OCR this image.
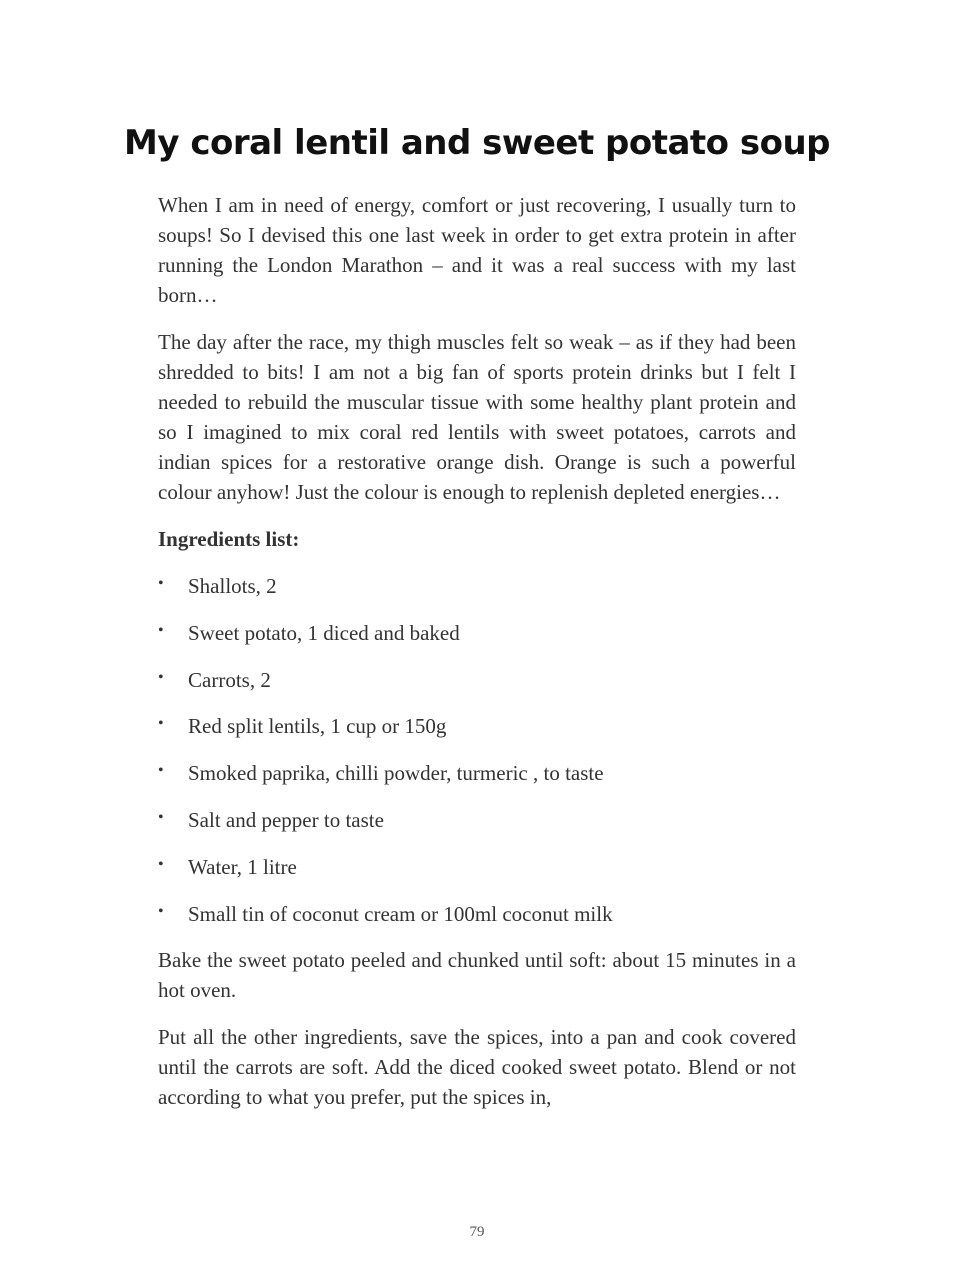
My coral lentil and sweet potato soup

When I am in need of energy, comfort or just recovering, I usually turn to soups! So I devised this one last week in order to get extra protein in after running the London Marathon – and it was a real success with my last born…

The day after the race, my thigh muscles felt so weak – as if they had been shredded to bits! I am not a big fan of sports protein drinks but I felt I needed to rebuild the muscular tissue with some healthy plant protein and so I imagined to mix coral red lentils with sweet potatoes, carrots and indian spices for a restorative orange dish. Orange is such a powerful colour anyhow! Just the colour is enough to replenish depleted energies…

Ingredients list:

• Shallots, 2
• Sweet potato, 1 diced and baked
• Carrots, 2
• Red split lentils, 1 cup or 150g
• Smoked paprika, chilli powder, turmeric , to taste
• Salt and pepper to taste
• Water, 1 litre
• Small tin of coconut cream or 100ml coconut milk

Bake the sweet potato peeled and chunked until soft: about 15 minutes in a hot oven.

Put all the other ingredients, save the spices, into a pan and cook covered until the carrots are soft. Add the diced cooked sweet potato. Blend or not according to what you prefer, put the spices in,

79
